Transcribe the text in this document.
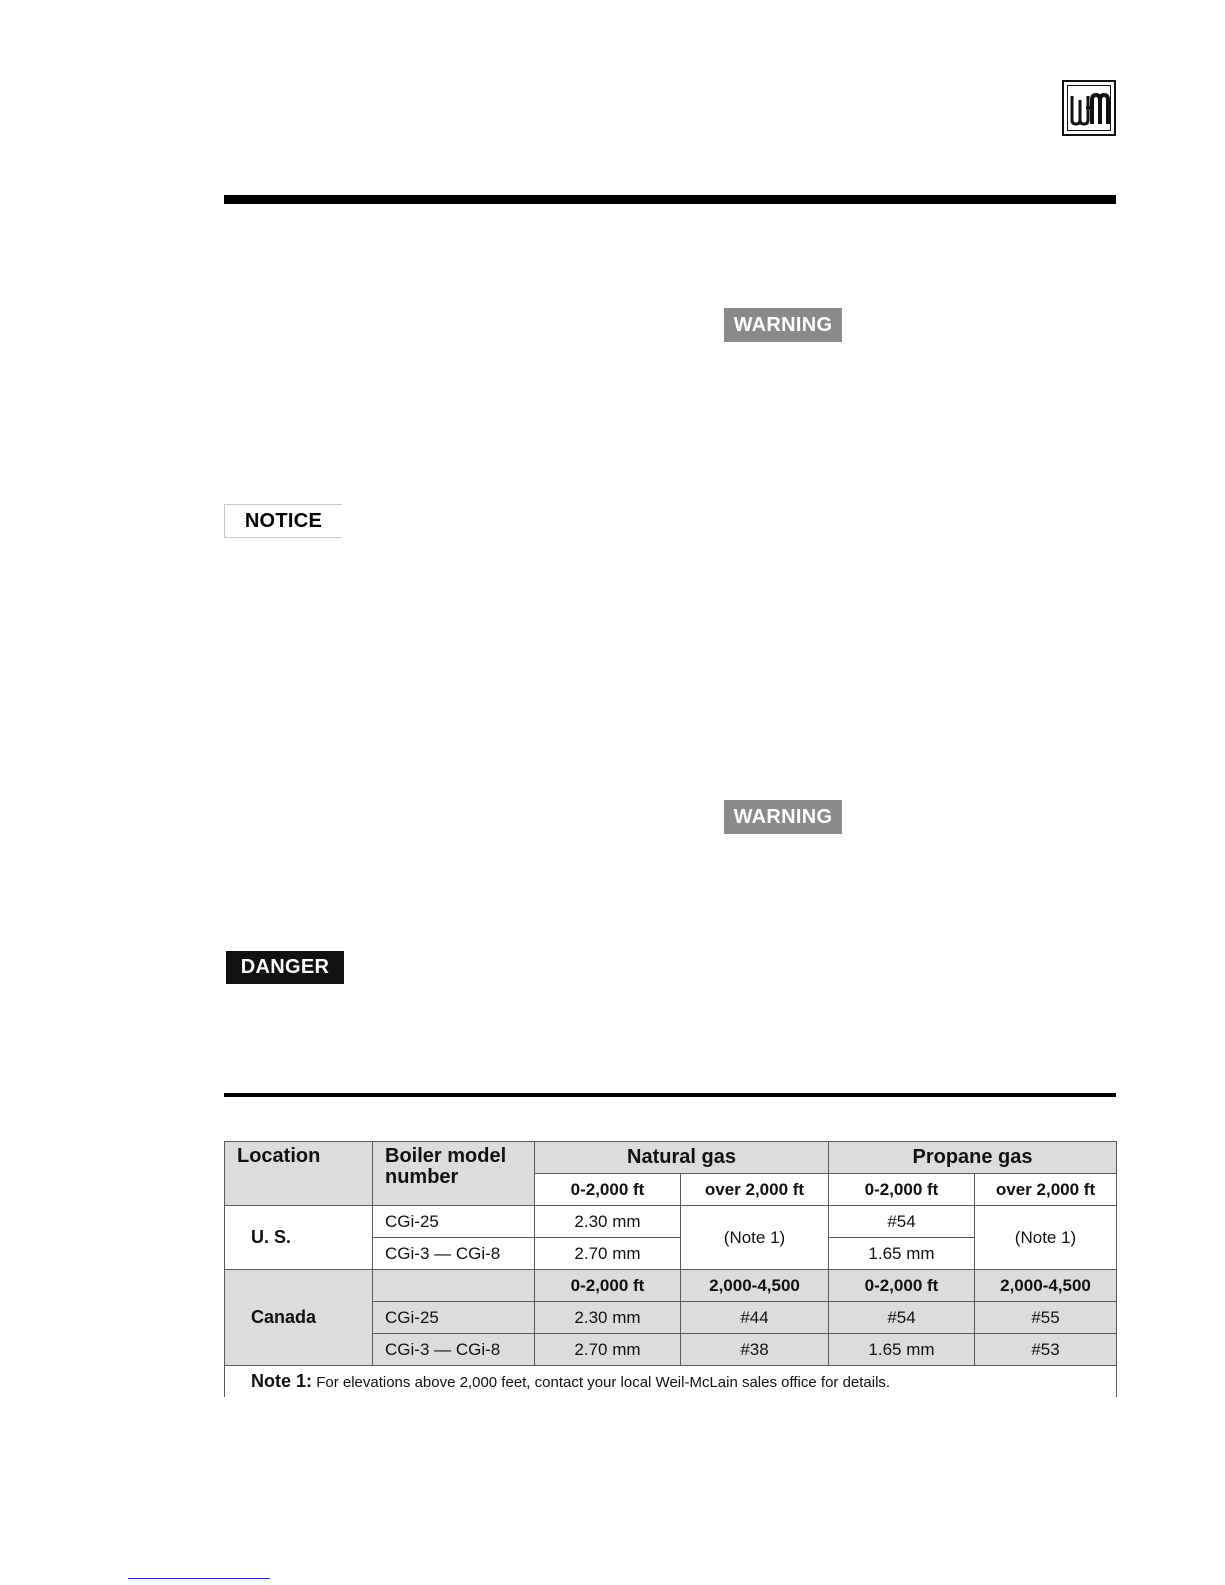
WARNING
NOTICE
WARNING
DANGER
Location	Boiler model number	Natural gas		Propane gas	
		0-2,000 ft	over 2,000 ft	0-2,000 ft	over 2,000 ft
U. S.	CGi-25	2.30 mm	(Note 1)	#54	(Note 1)
	CGi-3 — CGi-8	2.70 mm		1.65 mm	
Canada		0-2,000 ft	2,000-4,500	0-2,000 ft	2,000-4,500
	CGi-25	2.30 mm	#44	#54	#55
	CGi-3 — CGi-8	2.70 mm	#38	1.65 mm	#53
Note 1: For elevations above 2,000 feet, contact your local Weil-McLain sales office for details.					
